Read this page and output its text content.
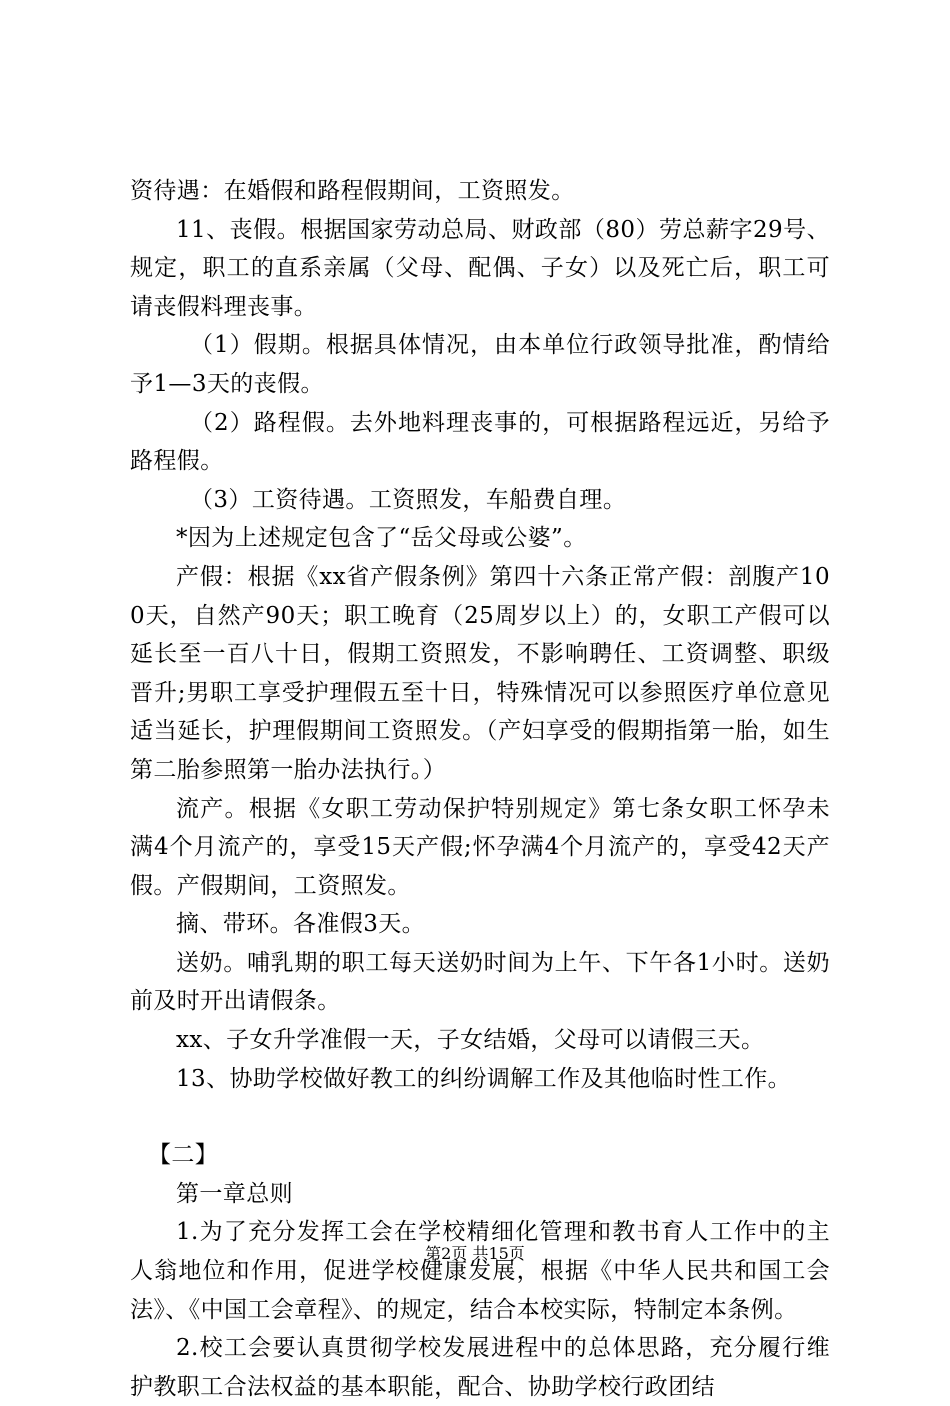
资待遇：在婚假和路程假期间，工资照发。

11、丧假。根据国家劳动总局、财政部（80）劳总薪字29号、规定，职工的直系亲属（父母、配偶、子女）以及死亡后，职工可请丧假料理丧事。

（1）假期。根据具体情况，由本单位行政领导批准，酌情给予1—3天的丧假。

（2）路程假。去外地料理丧事的，可根据路程远近，另给予路程假。

（3）工资待遇。工资照发，车船费自理。

*因为上述规定包含了“岳父母或公婆”。

产假：根据《xx省产假条例》第四十六条正常产假：剖腹产100天，自然产90天；职工晚育（25周岁以上）的，女职工产假可以延长至一百八十日，假期工资照发，不影响聘任、工资调整、职级晋升;男职工享受护理假五至十日，特殊情况可以参照医疗单位意见适当延长，护理假期间工资照发。（产妇享受的假期指第一胎，如生第二胎参照第一胎办法执行。）

流产。根据《女职工劳动保护特别规定》第七条女职工怀孕未满4个月流产的，享受15天产假;怀孕满4个月流产的，享受42天产假。产假期间，工资照发。

摘、带环。各准假3天。

送奶。哺乳期的职工每天送奶时间为上午、下午各1小时。送奶前及时开出请假条。

xx、子女升学准假一天，子女结婚，父母可以请假三天。

13、协助学校做好教工的纠纷调解工作及其他临时性工作。

【二】

第一章总则

1.为了充分发挥工会在学校精细化管理和教书育人工作中的主人翁地位和作用，促进学校健康发展，根据《中华人民共和国工会法》、《中国工会章程》、的规定，结合本校实际，特制定本条例。

2.校工会要认真贯彻学校发展进程中的总体思路，充分履行维护教职工合法权益的基本职能，配合、协助学校行政团结

第2页 共15页
